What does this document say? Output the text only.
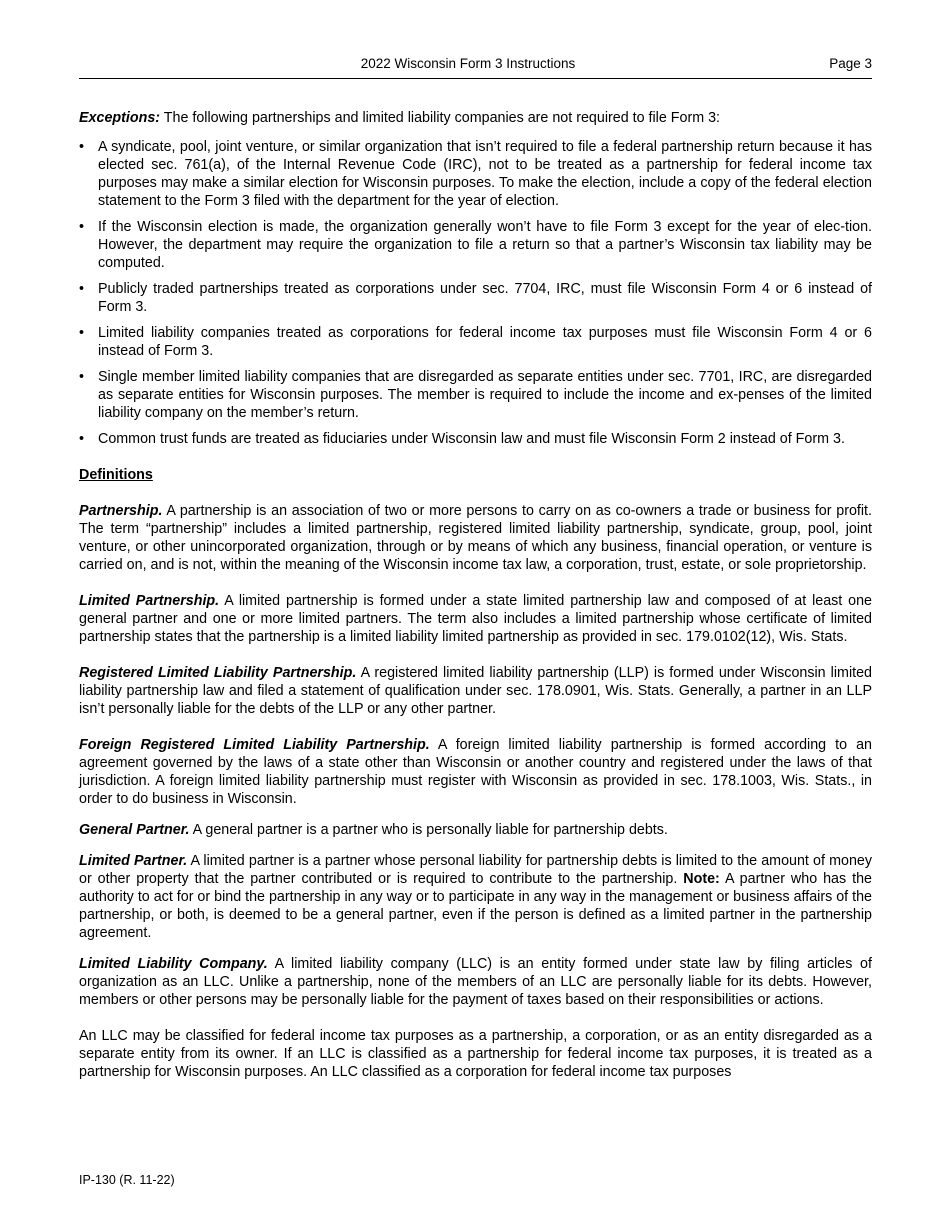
2022 Wisconsin Form 3 Instructions	Page 3

Exceptions: The following partnerships and limited liability companies are not required to file Form 3:

• A syndicate, pool, joint venture, or similar organization that isn’t required to file a federal partnership return because it has elected sec. 761(a), of the Internal Revenue Code (IRC), not to be treated as a partnership for federal income tax purposes may make a similar election for Wisconsin purposes. To make the election, include a copy of the federal election statement to the Form 3 filed with the department for the year of election.
• If the Wisconsin election is made, the organization generally won’t have to file Form 3 except for the year of elec-tion. However, the department may require the organization to file a return so that a partner’s Wisconsin tax liability may be computed.
• Publicly traded partnerships treated as corporations under sec. 7704, IRC, must file Wisconsin Form 4 or 6 instead of Form 3.
• Limited liability companies treated as corporations for federal income tax purposes must file Wisconsin Form 4 or 6 instead of Form 3.
• Single member limited liability companies that are disregarded as separate entities under sec. 7701, IRC, are disregarded as separate entities for Wisconsin purposes. The member is required to include the income and ex-penses of the limited liability company on the member’s return.
• Common trust funds are treated as fiduciaries under Wisconsin law and must file Wisconsin Form 2 instead of Form 3.

Definitions

Partnership. A partnership is an association of two or more persons to carry on as co-owners a trade or business for profit. The term “partnership” includes a limited partnership, registered limited liability partnership, syndicate, group, pool, joint venture, or other unincorporated organization, through or by means of which any business, financial operation, or venture is carried on, and is not, within the meaning of the Wisconsin income tax law, a corporation, trust, estate, or sole proprietorship.

Limited Partnership. A limited partnership is formed under a state limited partnership law and composed of at least one general partner and one or more limited partners. The term also includes a limited partnership whose certificate of limited partnership states that the partnership is a limited liability limited partnership as provided in sec. 179.0102(12), Wis. Stats.

Registered Limited Liability Partnership. A registered limited liability partnership (LLP) is formed under Wisconsin limited liability partnership law and filed a statement of qualification under sec. 178.0901, Wis. Stats. Generally, a partner in an LLP isn’t personally liable for the debts of the LLP or any other partner.

Foreign Registered Limited Liability Partnership. A foreign limited liability partnership is formed according to an agreement governed by the laws of a state other than Wisconsin or another country and registered under the laws of that jurisdiction. A foreign limited liability partnership must register with Wisconsin as provided in sec. 178.1003, Wis. Stats., in order to do business in Wisconsin.

General Partner. A general partner is a partner who is personally liable for partnership debts.

Limited Partner. A limited partner is a partner whose personal liability for partnership debts is limited to the amount of money or other property that the partner contributed or is required to contribute to the partnership. Note: A partner who has the authority to act for or bind the partnership in any way or to participate in any way in the management or business affairs of the partnership, or both, is deemed to be a general partner, even if the person is defined as a limited partner in the partnership agreement.

Limited Liability Company. A limited liability company (LLC) is an entity formed under state law by filing articles of organization as an LLC. Unlike a partnership, none of the members of an LLC are personally liable for its debts. However, members or other persons may be personally liable for the payment of taxes based on their responsibilities or actions.

An LLC may be classified for federal income tax purposes as a partnership, a corporation, or as an entity disregarded as a separate entity from its owner. If an LLC is classified as a partnership for federal income tax purposes, it is treated as a partnership for Wisconsin purposes. An LLC classified as a corporation for federal income tax purposes

IP-130 (R. 11-22)
